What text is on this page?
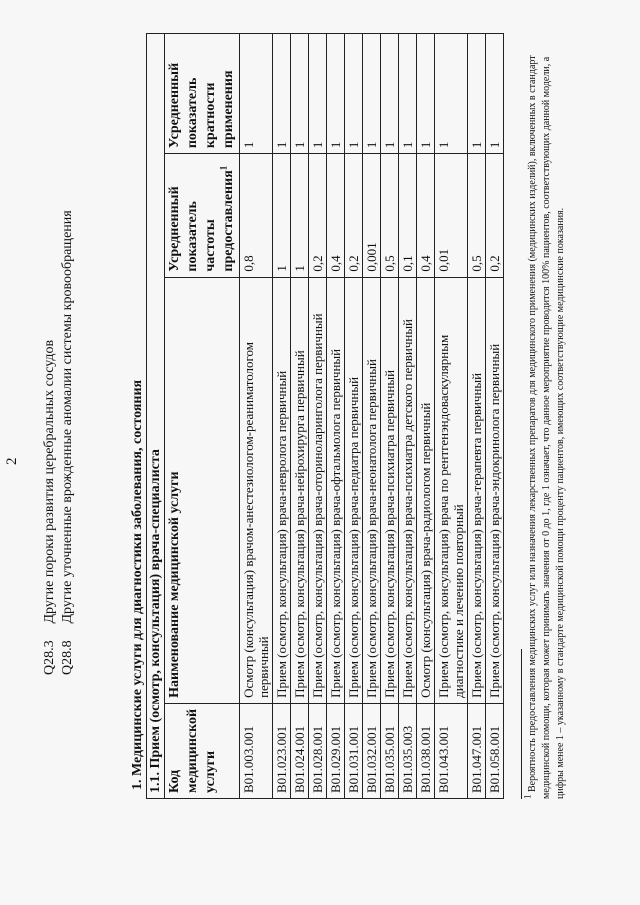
2
Q28.3 Другие пороки развития церебральных сосудов
Q28.8 Другие уточненные врожденные аномалии системы кровообращения	1. Медицинские услуги для диагностики заболевания, состояния 1.1. Прием (осмотр, консультация) врача-специалиста			
Код медицинской услуги	Наименование медицинской услуги	Усредненный показатель частоты предоставления$^1$	Усредненный показатель кратности применения
B01.003.001	Осмотр (консультация) врачом-анестезиологом-реаниматологом первичный	0,8	1
B01.023.001	Прием (осмотр, консультация) врача-невролога первичный	1	1
B01.024.001	Прием (осмотр, консультация) врача-нейрохирурга первичный	1	1
B01.028.001	Прием (осмотр, консультация) врача-оториноларинголога первичный	0,2	1
B01.029.001	Прием (осмотр, консультация) врача-офтальмолога первичный	0,4	1
B01.031.001	Прием (осмотр, консультация) врача-педиатра первичный	0,2	1
B01.032.001	Прием (осмотр, консультация) врача-неонатолога первичный	0,001	1
B01.035.001	Прием (осмотр, консультация) врача-психиатра первичный	0,5	1
B01.035.003	Прием (осмотр, консультация) врача-психиатра детского первичный	0,1	1
B01.038.001	Осмотр (консультация) врача-радиологом первичный	0,4	1
B01.043.001	Прием (осмотр, консультация) врача по рентгенэндоваскулярным диагностике и лечению повторный	0,01	1
B01.047.001	Прием (осмотр, консультация) врача-терапевта первичный	0,5	1
B01.058.001	Прием (осмотр, консультация) врача-эндокринолога первичный	0,2	1
$^1$ Вероятность предоставления медицинских услуг или назначения лекарственных препаратов для медицинского применения (медицинских изделий), включенных в стандарт медицинской помощи, которая может принимать значения от 0 до 1, где 1 означает, что данное мероприятие проводится 100% пациентов, соответствующих данной модели, а цифры менее 1 – указанному в стандарте медицинской помощи проценту пациентов, имеющих соответствующие медицинские показания.
